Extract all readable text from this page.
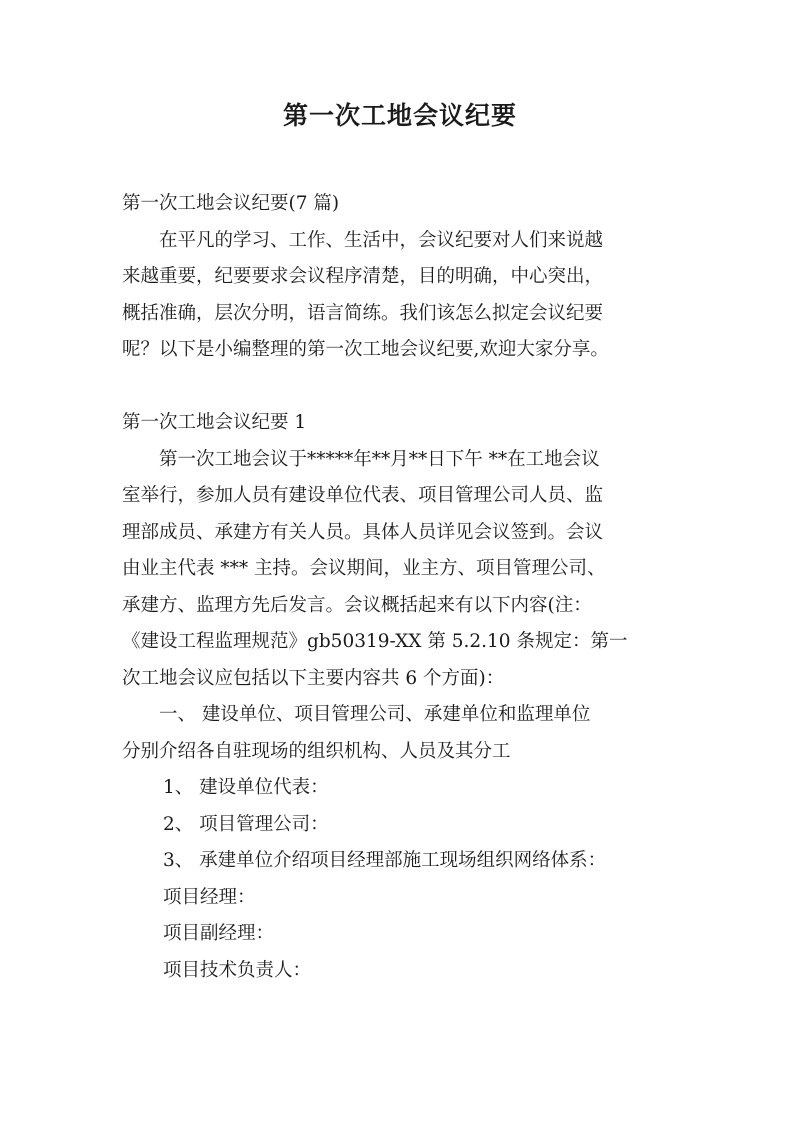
第一次工地会议纪要
第一次工地会议纪要(7 篇)
在平凡的学习、工作、生活中，会议纪要对人们来说越
来越重要，纪要要求会议程序清楚，目的明确，中心突出，
概括准确，层次分明，语言简练。我们该怎么拟定会议纪要
呢？以下是小编整理的第一次工地会议纪要,欢迎大家分享。
第一次工地会议纪要 1
第一次工地会议于*****年**月**日下午 **在工地会议
室举行，参加人员有建设单位代表、项目管理公司人员、监
理部成员、承建方有关人员。具体人员详见会议签到。会议
由业主代表 *** 主持。会议期间，业主方、项目管理公司、
承建方、监理方先后发言。会议概括起来有以下内容(注：
《建设工程监理规范》gb50319-XX 第 5.2.10 条规定：第一
次工地会议应包括以下主要内容共 6 个方面)：
一、 建设单位、项目管理公司、承建单位和监理单位
分别介绍各自驻现场的组织机构、人员及其分工
1、 建设单位代表：
2、 项目管理公司：
3、 承建单位介绍项目经理部施工现场组织网络体系：
项目经理：
项目副经理：
项目技术负责人：
